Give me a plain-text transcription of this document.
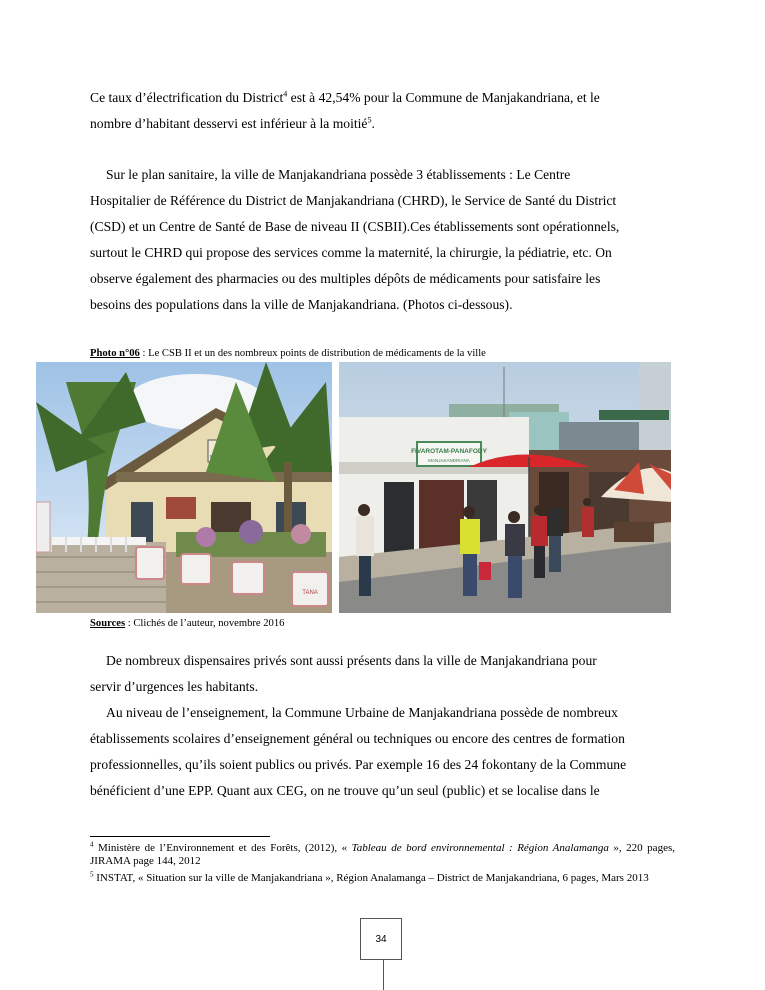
Ce taux d’électrification du District$^4$ est à 42,54% pour la Commune de Manjakandriana, et le
nombre d’habitant desservi est inférieur à la moitié$^5$.
Sur le plan sanitaire, la ville de Manjakandriana possède 3 établissements : Le Centre
Hospitalier de Référence du District de Manjakandriana (CHRD), le Service de Santé du District
(CSD) et un Centre de Santé de Base de niveau II (CSBII).Ces établissements sont opérationnels,
surtout le CHRD qui propose des services comme la maternité, la chirurgie, la pédiatrie, etc. On
observe également des pharmacies ou des multiples dépôts de médicaments pour satisfaire les
besoins des populations dans la ville de Manjakandriana. (Photos ci-dessous).
Photo n°06 : Le CSB II et un des nombreux points de distribution de médicaments de la ville
TANA
FIVAROTAM-PANAFODY
MANJAKANDRIANA
Sources : Clichés de l’auteur, novembre 2016
De nombreux dispensaires privés sont aussi présents dans la ville de Manjakandriana pour
servir d’urgences les habitants.
Au niveau de l’enseignement, la Commune Urbaine de Manjakandriana possède de nombreux
établissements scolaires d’enseignement général ou techniques ou encore des centres de formation
professionnelles, qu’ils soient publics ou privés. Par exemple 16 des 24 fokontany de la Commune
bénéficient d’une EPP. Quant aux CEG, on ne trouve qu’un seul (public) et se localise dans le

$^4$ Ministère de l’Environnement et des Forêts, (2012), « Tableau de bord environnemental : Région Analamanga », 220 pages, JIRAMA page 144, 2012

$^5$ INSTAT, « Situation sur la ville de Manjakandriana », Région Analamanga – District de Manjakandriana, 6 pages, Mars 2013

34
